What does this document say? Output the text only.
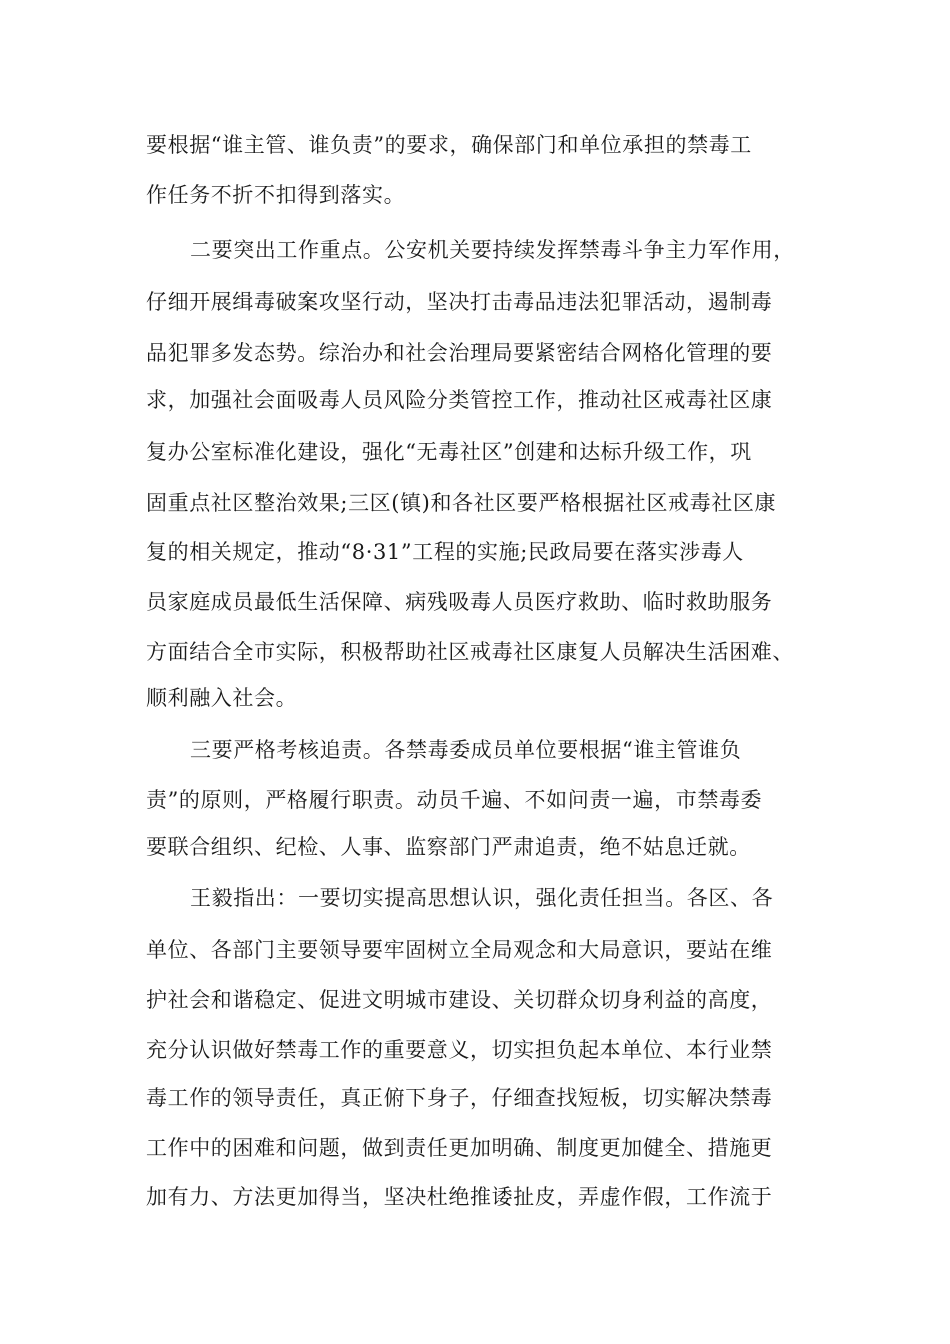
要根据“谁主管、谁负责”的要求，确保部门和单位承担的禁毒工
作任务不折不扣得到落实。
二要突出工作重点。公安机关要持续发挥禁毒斗争主力军作用，
仔细开展缉毒破案攻坚行动，坚决打击毒品违法犯罪活动，遏制毒
品犯罪多发态势。综治办和社会治理局要紧密结合网格化管理的要
求，加强社会面吸毒人员风险分类管控工作，推动社区戒毒社区康
复办公室标准化建设，强化“无毒社区”创建和达标升级工作，巩
固重点社区整治效果;三区(镇)和各社区要严格根据社区戒毒社区康
复的相关规定，推动“8·31”工程的实施;民政局要在落实涉毒人
员家庭成员最低生活保障、病残吸毒人员医疗救助、临时救助服务
方面结合全市实际，积极帮助社区戒毒社区康复人员解决生活困难、
顺利融入社会。
三要严格考核追责。各禁毒委成员单位要根据“谁主管谁负
责”的原则，严格履行职责。动员千遍、不如问责一遍，市禁毒委
要联合组织、纪检、人事、监察部门严肃追责，绝不姑息迁就。
王毅指出：一要切实提高思想认识，强化责任担当。各区、各
单位、各部门主要领导要牢固树立全局观念和大局意识，要站在维
护社会和谐稳定、促进文明城市建设、关切群众切身利益的高度，
充分认识做好禁毒工作的重要意义，切实担负起本单位、本行业禁
毒工作的领导责任，真正俯下身子，仔细查找短板，切实解决禁毒
工作中的困难和问题，做到责任更加明确、制度更加健全、措施更
加有力、方法更加得当，坚决杜绝推诿扯皮，弄虚作假，工作流于
